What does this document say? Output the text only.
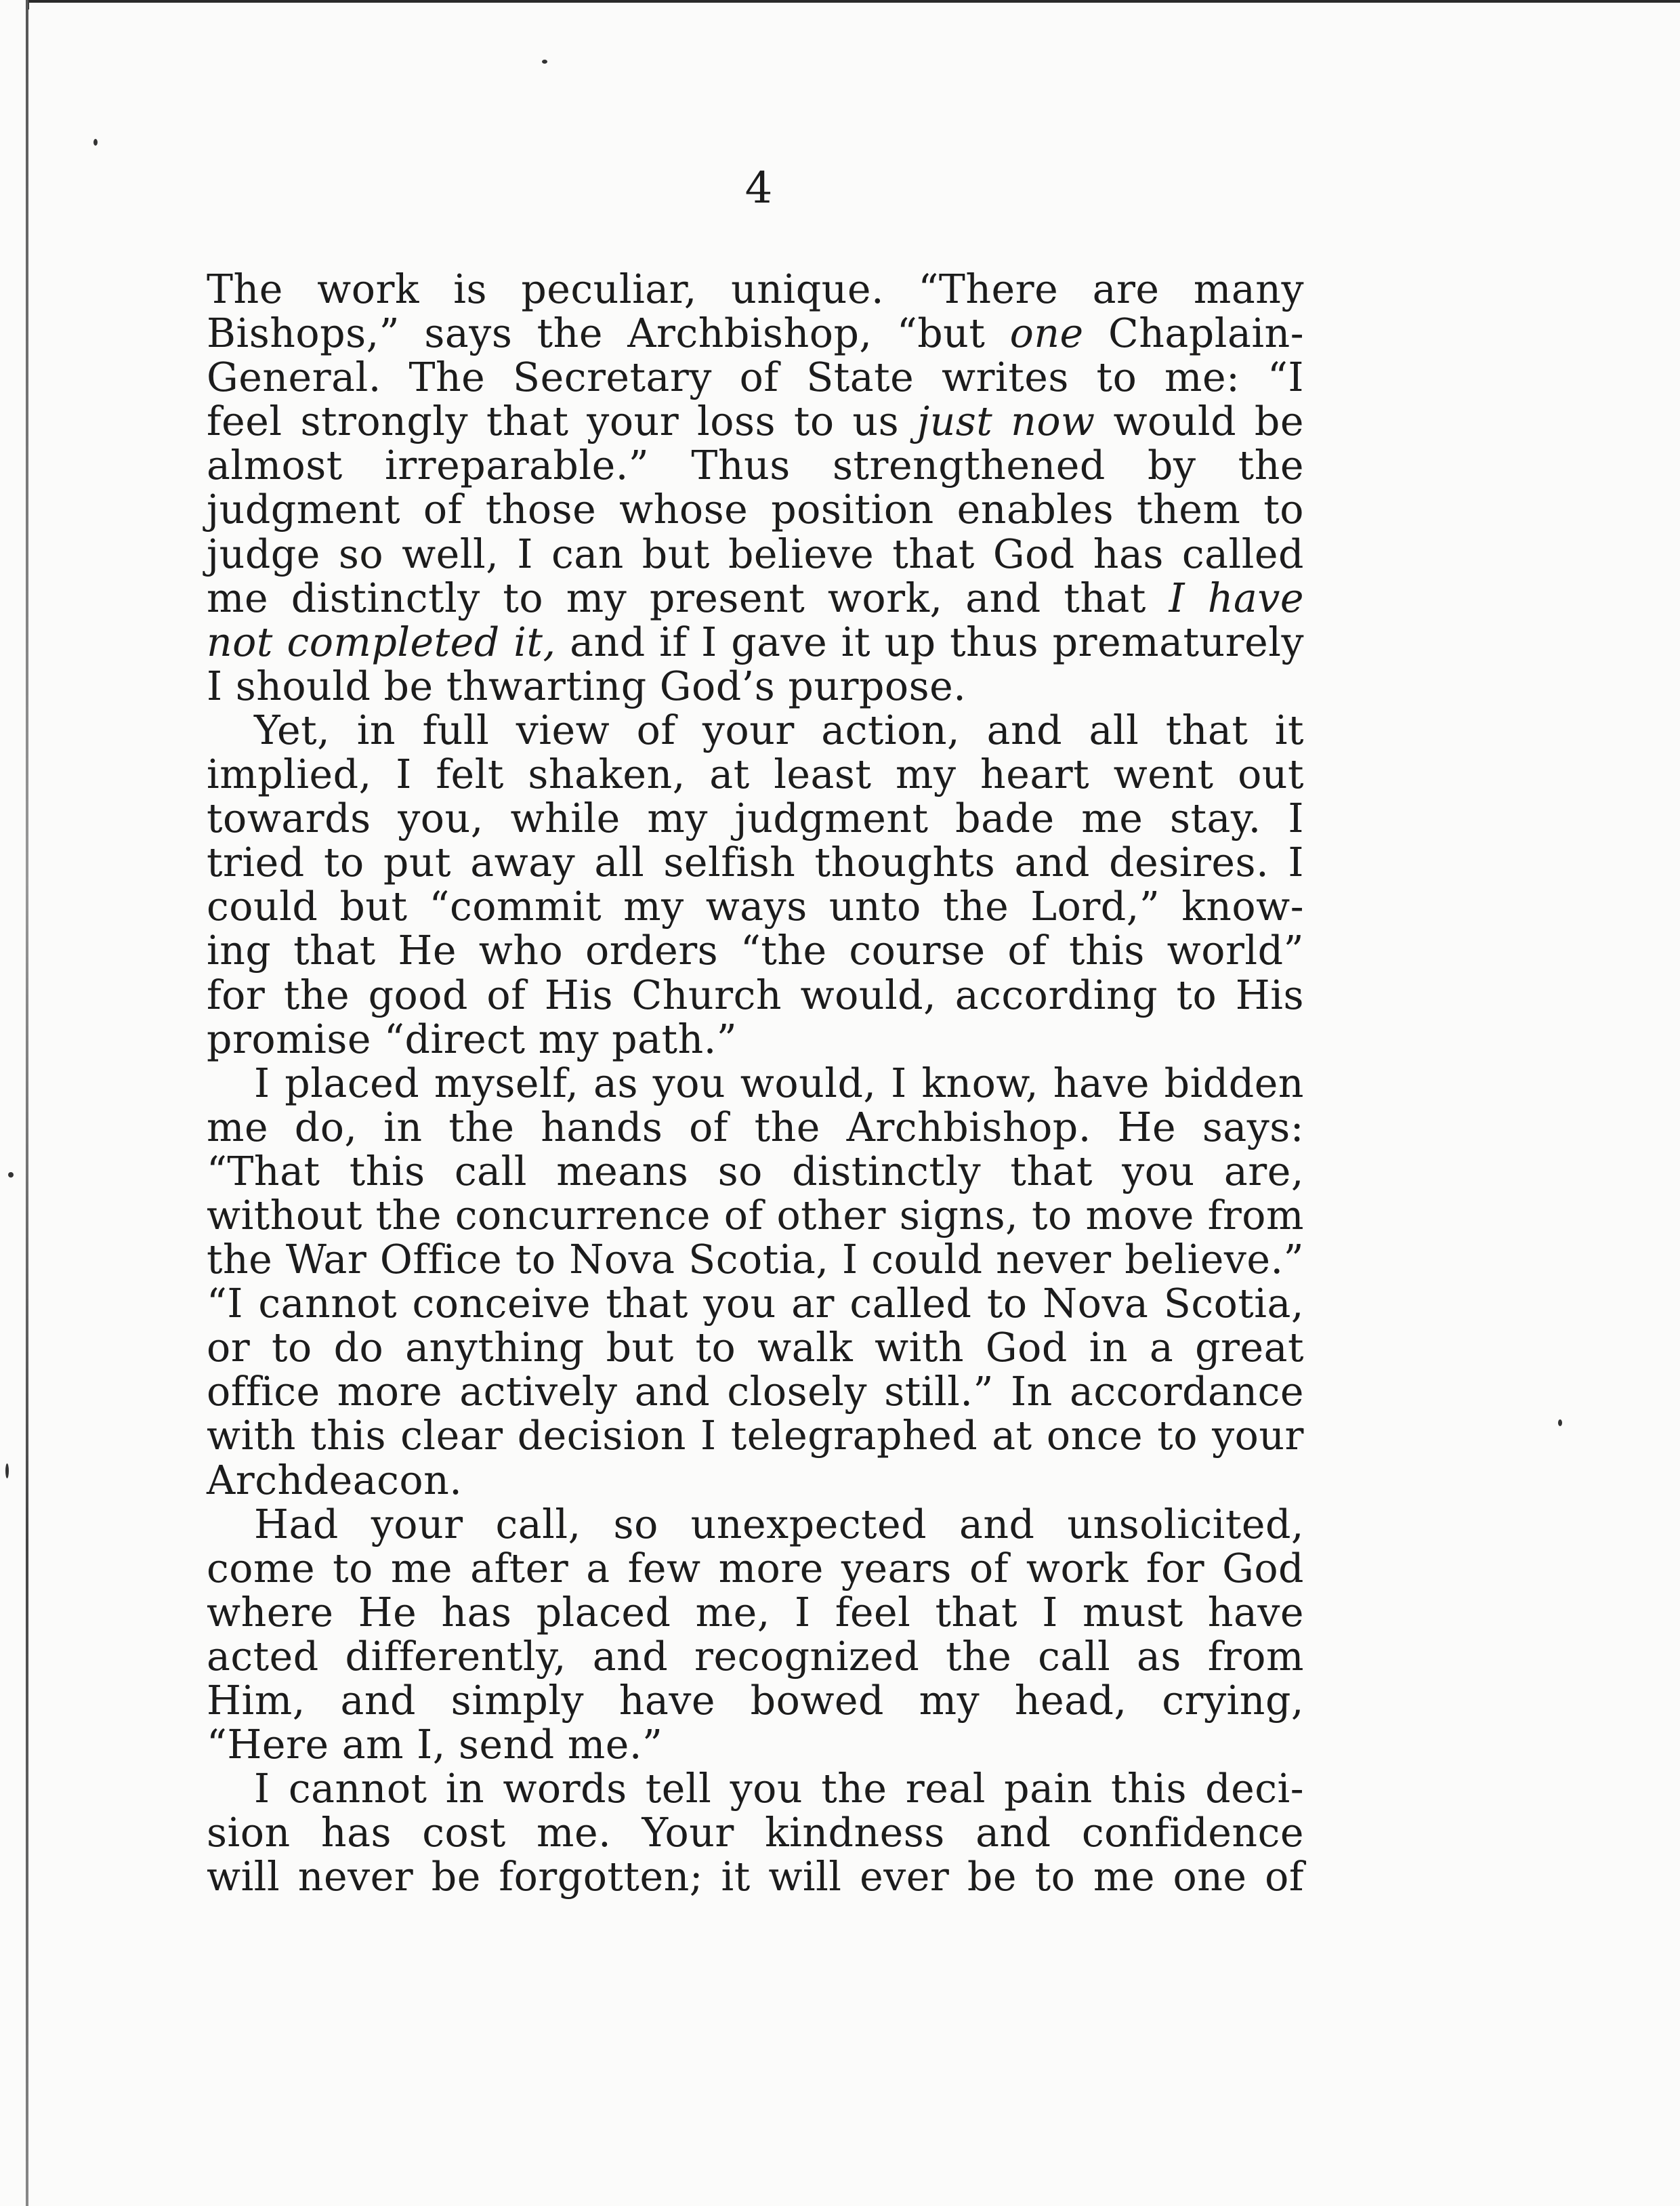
4
The work is peculiar, unique. “There are many
Bishops,” says the Archbishop, “but one Chaplain-
General. The Secretary of State writes to me: “I
feel strongly that your loss to us just now would be
almost irreparable.” Thus strengthened by the
judgment of those whose position enables them to
judge so well, I can but believe that God has called
me distinctly to my present work, and that I have
not completed it, and if I gave it up thus prematurely
I should be thwarting God’s purpose.
Yet, in full view of your action, and all that it
implied, I felt shaken, at least my heart went out
towards you, while my judgment bade me stay. I
tried to put away all selfish thoughts and desires. I
could but “commit my ways unto the Lord,” know-
ing that He who orders “the course of this world”
for the good of His Church would, according to His
promise “direct my path.”
I placed myself, as you would, I know, have bidden
me do, in the hands of the Archbishop. He says:
“That this call means so distinctly that you are,
without the concurrence of other signs, to move from
the War Office to Nova Scotia, I could never believe.”
“I cannot conceive that you ar called to Nova Scotia,
or to do anything but to walk with God in a great
office more actively and closely still.” In accordance
with this clear decision I telegraphed at once to your
Archdeacon.
Had your call, so unexpected and unsolicited,
come to me after a few more years of work for God
where He has placed me, I feel that I must have
acted differently, and recognized the call as from
Him, and simply have bowed my head, crying,
“Here am I, send me.”
I cannot in words tell you the real pain this deci-
sion has cost me. Your kindness and confidence
will never be forgotten; it will ever be to me one of
